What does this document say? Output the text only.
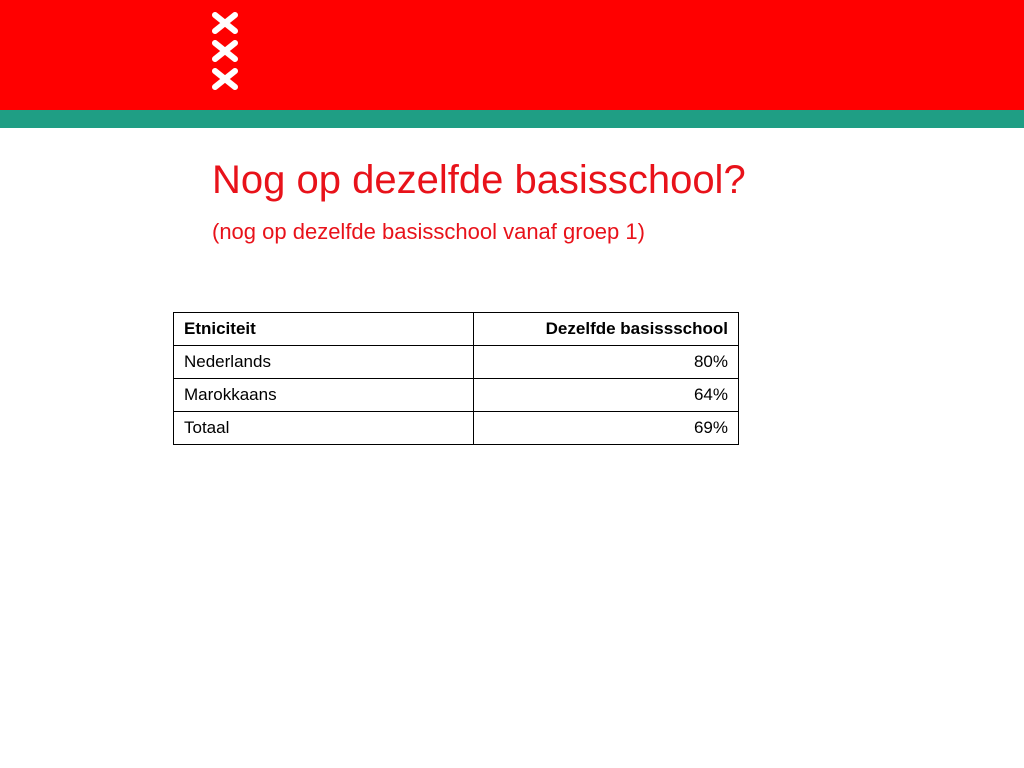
Nog op dezelfde basisschool?

(nog op dezelfde basisschool vanaf groep 1)

Etniciteit	Dezelfde basissschool
Nederlands	80%
Marokkaans	64%
Totaal	69%
